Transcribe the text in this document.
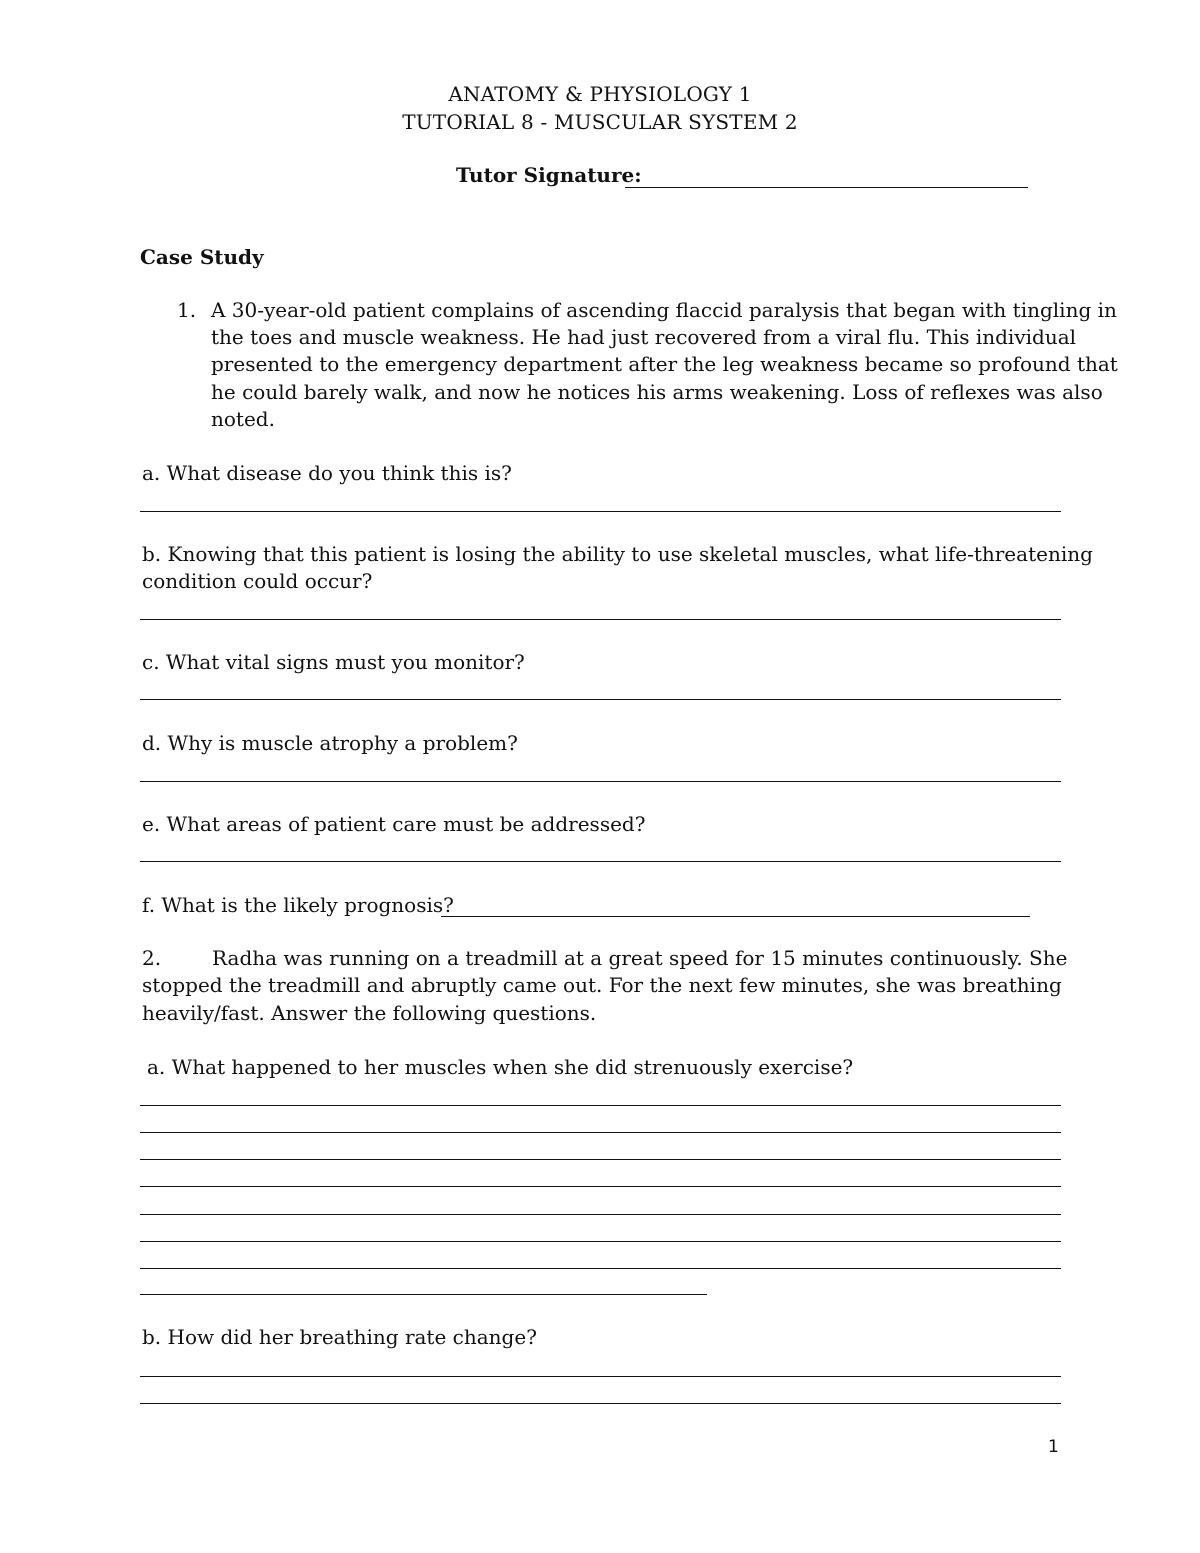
ANATOMY & PHYSIOLOGY 1
TUTORIAL 8 - MUSCULAR SYSTEM 2
Tutor Signature:
Case Study
1. A 30-year-old patient complains of ascending flaccid paralysis that began with tingling in
the toes and muscle weakness. He had just recovered from a viral flu. This individual
presented to the emergency department after the leg weakness became so profound that
he could barely walk, and now he notices his arms weakening. Loss of reflexes was also
noted.
a. What disease do you think this is?
b. Knowing that this patient is losing the ability to use skeletal muscles, what life-threatening
condition could occur?
c. What vital signs must you monitor?
d. Why is muscle atrophy a problem?
e. What areas of patient care must be addressed?
f. What is the likely prognosis?
2.	Radha was running on a treadmill at a great speed for 15 minutes continuously. She
stopped the treadmill and abruptly came out. For the next few minutes, she was breathing
heavily/fast. Answer the following questions.
a. What happened to her muscles when she did strenuously exercise?
b. How did her breathing rate change?
1
